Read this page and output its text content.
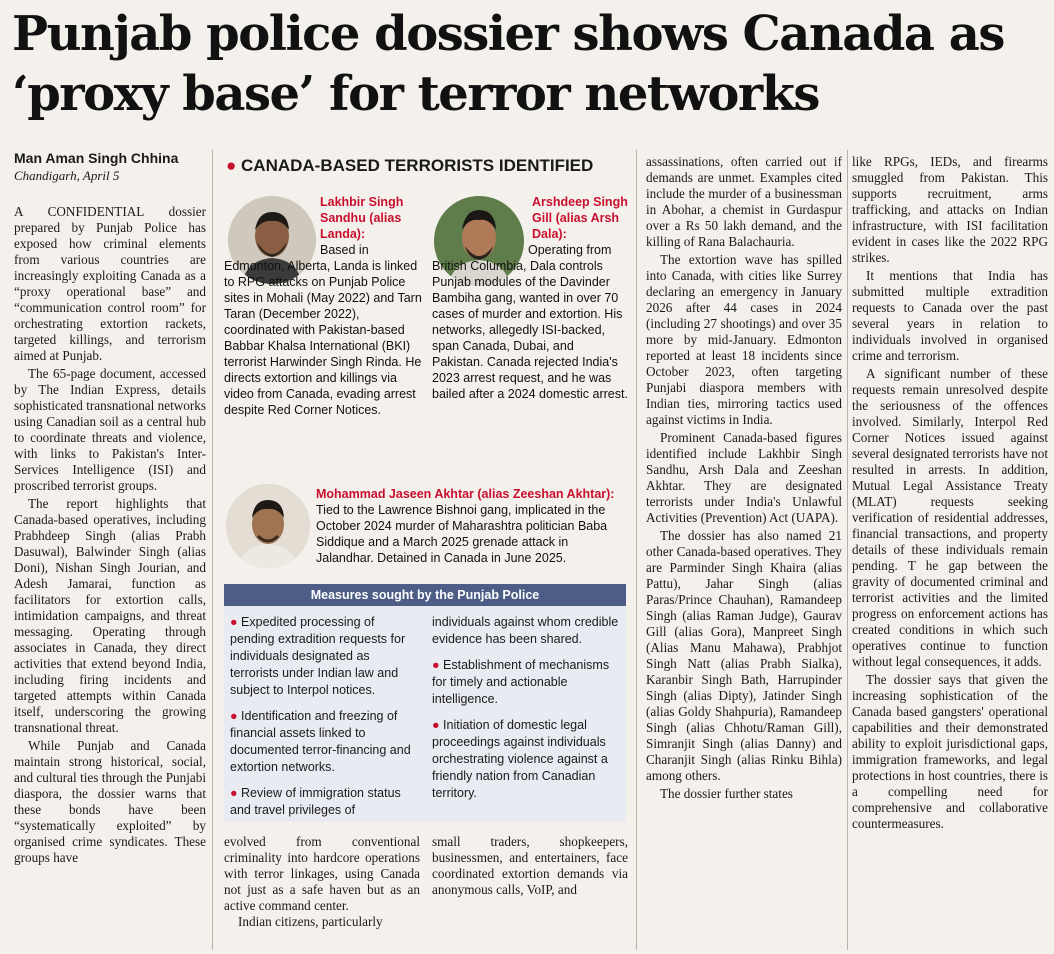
Punjab police dossier shows Canada as ‘proxy base’ for terror networks
Man Aman Singh Chhina
Chandigarh, April 5

A CONFIDENTIAL dossier prepared by Punjab Police has exposed how criminal elements from various countries are increasingly exploiting Canada as a “proxy operational base” and “communication control room” for orchestrating extortion rackets, targeted killings, and terrorism aimed at Punjab.

The 65-page document, accessed by The Indian Express, details sophisticated transnational networks using Canadian soil as a central hub to coordinate threats and violence, with links to Pakistan's Inter-Services Intelligence (ISI) and proscribed terrorist groups.

The report highlights that Canada-based operatives, including Prabhdeep Singh (alias Prabh Dasuwal), Balwinder Singh (alias Doni), Nishan Singh Jourian, and Adesh Jamarai, function as facilitators for extortion calls, intimidation campaigns, and threat messaging. Operating through associates in Canada, they direct activities that extend beyond India, including firing incidents and targeted attempts within Canada itself, underscoring the growing transnational threat.

While Punjab and Canada maintain strong historical, social, and cultural ties through the Punjabi diaspora, the dossier warns that these bonds have been “systematically exploited” by organised crime syndicates. These groups have

● CANADA-BASED TERRORISTS IDENTIFIED
Lakhbir Singh Sandhu (alias Landa):
Based in Edmonton, Alberta, Landa is linked to RPG attacks on Punjab Police sites in Mohali (May 2022) and Tarn Taran (December 2022), coordinated with Pakistan-based Babbar Khalsa International (BKI) terrorist Harwinder Singh Rinda. He directs extortion and killings via video from Canada, evading arrest despite Red Corner Notices.
Arshdeep Singh Gill (alias Arsh Dala):
Operating from British Columbia, Dala controls Punjab modules of the Davinder Bambiha gang, wanted in over 70 cases of murder and extortion. His networks, allegedly ISI-backed, span Canada, Dubai, and Pakistan. Canada rejected India's 2023 arrest request, and he was bailed after a 2024 domestic arrest.
Mohammad Jaseen Akhtar (alias Zeeshan Akhtar): Tied to the Lawrence Bishnoi gang, implicated in the October 2024 murder of Maharashtra politician Baba Siddique and a March 2025 grenade attack in Jalandhar. Detained in Canada in June 2025.
Measures sought by the Punjab Police
● Expedited processing of pending extradition requests for individuals designated as terrorists under Indian law and subject to Interpol notices.
● Identification and freezing of financial assets linked to documented terror-financing and extortion networks.
● Review of immigration status and travel privileges of
individuals against whom credible evidence has been shared.
● Establishment of mechanisms for timely and actionable intelligence.
● Initiation of domestic legal proceedings against individuals orchestrating violence against a friendly nation from Canadian territory.
evolved from conventional criminality into hardcore operations with terror linkages, using Canada not just as a safe haven but as an active command center.
Indian citizens, particularly
small traders, shopkeepers, businessmen, and entertainers, face coordinated extortion demands via anonymous calls, VoIP, and

assassinations, often carried out if demands are unmet. Examples cited include the murder of a businessman in Abohar, a chemist in Gurdaspur over a Rs 50 lakh demand, and the killing of Rana Balachauria.

The extortion wave has spilled into Canada, with cities like Surrey declaring an emergency in January 2026 after 44 cases in 2024 (including 27 shootings) and over 35 more by mid-January. Edmonton reported at least 18 incidents since October 2023, often targeting Punjabi diaspora members with Indian ties, mirroring tactics used against victims in India.

Prominent Canada-based figures identified include Lakhbir Singh Sandhu, Arsh Dala and Zeeshan Akhtar. They are designated terrorists under India's Unlawful Activities (Prevention) Act (UAPA).

The dossier has also named 21 other Canada-based operatives. They are Parminder Singh Khaira (alias Pattu), Jahar Singh (alias Paras/Prince Chauhan), Ramandeep Singh (alias Raman Judge), Gaurav Gill (alias Gora), Manpreet Singh (Alias Manu Mahawa), Prabhjot Singh Natt (alias Prabh Sialka), Karanbir Singh Bath, Harrupinder Singh (alias Dipty), Jatinder Singh (alias Goldy Shahpuria), Ramandeep Singh (alias Chhotu/Raman Gill), Simranjit Singh (alias Danny) and Charanjit Singh (alias Rinku Bihla) among others.

The dossier further states

like RPGs, IEDs, and firearms smuggled from Pakistan. This supports recruitment, arms trafficking, and attacks on Indian infrastructure, with ISI facilitation evident in cases like the 2022 RPG strikes.

It mentions that India has submitted multiple extradition requests to Canada over the past several years in relation to individuals involved in organised crime and terrorism.

A significant number of these requests remain unresolved despite the seriousness of the offences involved. Similarly, Interpol Red Corner Notices issued against several designated terrorists have not resulted in arrests. In addition, Mutual Legal Assistance Treaty (MLAT) requests seeking verification of residential addresses, financial transactions, and property details of these individuals remain pending. T he gap between the gravity of documented criminal and terrorist activities and the limited progress on enforcement actions has created conditions in which such operatives continue to function without legal consequences, it adds.

The dossier says that given the increasing sophistication of the Canada based gangsters' operational capabilities and their demonstrated ability to exploit jurisdictional gaps, immigration frameworks, and legal protections in host countries, there is a compelling need for comprehensive and collaborative countermeasures.
